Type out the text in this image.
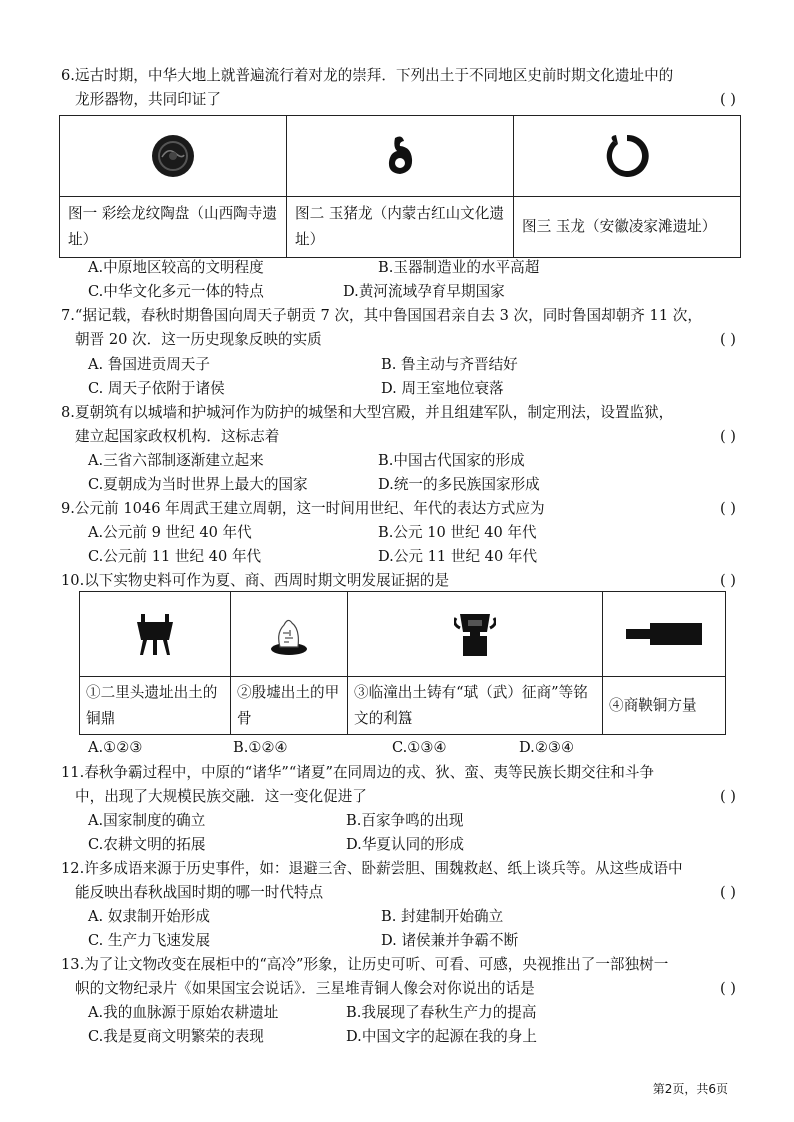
6.远古时期，中华大地上就普遍流行着对龙的崇拜．下列出土于不同地区史前时期文化遗址中的
龙形器物，共同印证了	( )

图一 彩绘龙纹陶盘（山西陶寺遗址）	图二 玉猪龙（内蒙古红山文化遗址）	图三 玉龙（安徽凌家滩遗址）
A.中原地区较高的文明程度	B.玉器制造业的水平高超
C.中华文化多元一体的特点	D.黄河流域孕育早期国家
7.“据记载，春秋时期鲁国向周天子朝贡 7 次，其中鲁国国君亲自去 3 次，同时鲁国却朝齐 11 次，
朝晋 20 次．这一历史现象反映的实质	( )
A. 鲁国进贡周天子	B. 鲁主动与齐晋结好
C. 周天子依附于诸侯	D. 周王室地位衰落
8.夏朝筑有以城墙和护城河作为防护的城堡和大型宫殿，并且组建军队，制定刑法，设置监狱，
建立起国家政权机构．这标志着	( )
A.三省六部制逐渐建立起来	B.中国古代国家的形成
C.夏朝成为当时世界上最大的国家	D.统一的多民族国家形成
9.公元前 1046 年周武王建立周朝，这一时间用世纪、年代的表达方式应为	( )
A.公元前 9 世纪 40 年代	B.公元 10 世纪 40 年代
C.公元前 11 世纪 40 年代	D.公元 11 世纪 40 年代
10.以下实物史料可作为夏、商、西周时期文明发展证据的是	( )

①二里头遗址出土的铜鼎	②殷墟出土的甲骨	③临潼出土铸有“珷（武）征商”等铭文的利簋	④商鞅铜方量
A.①②③	B.①②④	C.①③④	D.②③④
11.春秋争霸过程中，中原的“诸华”“诸夏”在同周边的戎、狄、蛮、夷等民族长期交往和斗争
中，出现了大规模民族交融．这一变化促进了	( )
A.国家制度的确立	B.百家争鸣的出现
C.农耕文明的拓展	D.华夏认同的形成
12.许多成语来源于历史事件，如：退避三舍、卧薪尝胆、围魏救赵、纸上谈兵等。从这些成语中
能反映出春秋战国时期的哪一时代特点	( )
A. 奴隶制开始形成	B. 封建制开始确立
C. 生产力飞速发展	D. 诸侯兼并争霸不断
13.为了让文物改变在展柜中的“高冷”形象，让历史可听、可看、可感，央视推出了一部独树一
帜的文物纪录片《如果国宝会说话》．三星堆青铜人像会对你说出的话是	( )
A.我的血脉源于原始农耕遗址	B.我展现了春秋生产力的提高
C.我是夏商文明繁荣的表现	D.中国文字的起源在我的身上
第2页，共6页
